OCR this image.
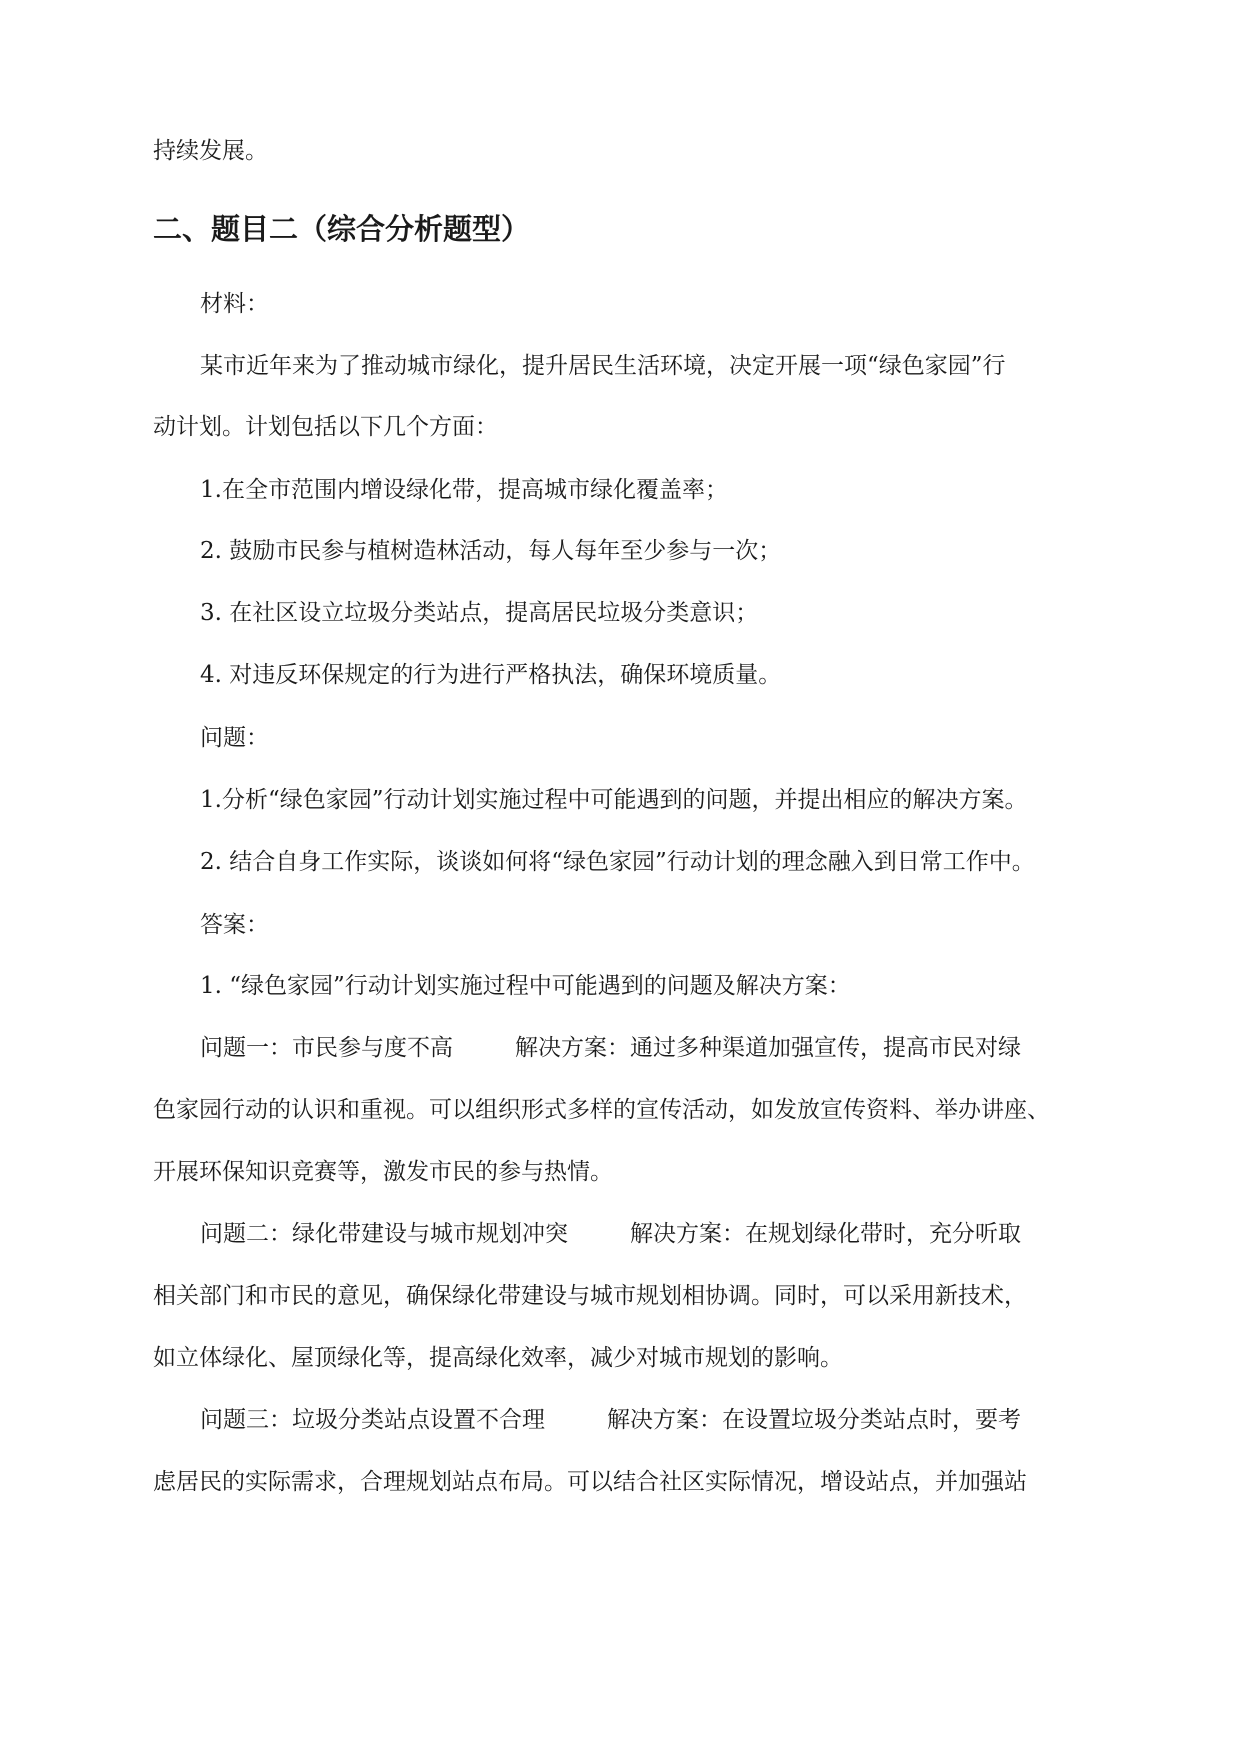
持续发展。

二、题目二（综合分析题型）

材料：

某市近年来为了推动城市绿化，提升居民生活环境，决定开展一项“绿色家园”行

动计划。计划包括以下几个方面：

1.在全市范围内增设绿化带，提高城市绿化覆盖率；

2. 鼓励市民参与植树造林活动，每人每年至少参与一次；

3. 在社区设立垃圾分类站点，提高居民垃圾分类意识；

4. 对违反环保规定的行为进行严格执法，确保环境质量。

问题：

1.分析“绿色家园”行动计划实施过程中可能遇到的问题，并提出相应的解决方案。

2. 结合自身工作实际，谈谈如何将“绿色家园”行动计划的理念融入到日常工作中。

答案：

1. “绿色家园”行动计划实施过程中可能遇到的问题及解决方案：

问题一：市民参与度不高	解决方案：通过多种渠道加强宣传，提高市民对绿

色家园行动的认识和重视。可以组织形式多样的宣传活动，如发放宣传资料、举办讲座、

开展环保知识竞赛等，激发市民的参与热情。

问题二：绿化带建设与城市规划冲突	解决方案：在规划绿化带时，充分听取

相关部门和市民的意见，确保绿化带建设与城市规划相协调。同时，可以采用新技术，

如立体绿化、屋顶绿化等，提高绿化效率，减少对城市规划的影响。

问题三：垃圾分类站点设置不合理	解决方案：在设置垃圾分类站点时，要考

虑居民的实际需求，合理规划站点布局。可以结合社区实际情况，增设站点，并加强站
